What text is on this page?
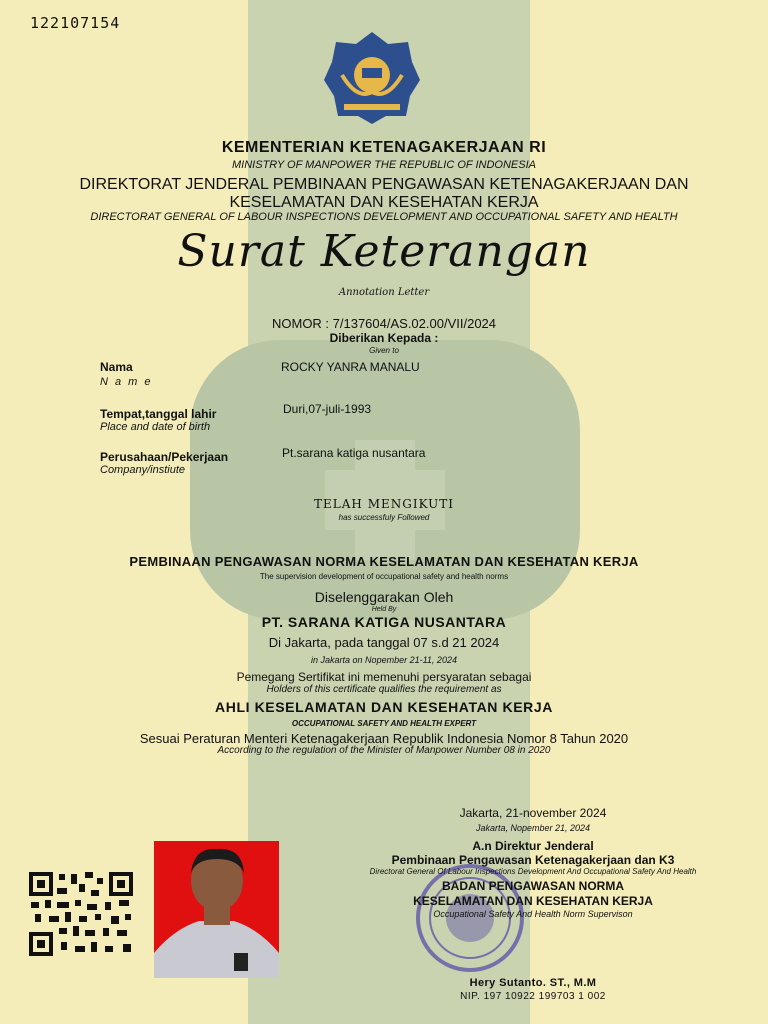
122107154
KEMENTERIAN KETENAGAKERJAAN RI
MINISTRY OF MANPOWER THE REPUBLIC OF INDONESIA
DIREKTORAT JENDERAL PEMBINAAN PENGAWASAN KETENAGAKERJAAN DAN
KESELAMATAN DAN KESEHATAN KERJA
DIRECTORAT GENERAL OF LABOUR INSPECTIONS DEVELOPMENT AND OCCUPATIONAL SAFETY AND HEALTH
Surat Keterangan
Annotation Letter
NOMOR : 7/137604/AS.02.00/VII/2024
Diberikan Kepada :
Given to
Nama
N a m e
ROCKY YANRA MANALU
Tempat,tanggal lahir
Place and date of birth
Duri,07-juli-1993
Perusahaan/Pekerjaan
Company/instiute
Pt.sarana katiga nusantara
TELAH MENGIKUTI
has successfuly Followed
PEMBINAAN PENGAWASAN NORMA KESELAMATAN DAN KESEHATAN KERJA
The supervision development of occupational safety and health norms
Diselenggarakan Oleh
Held By
PT. SARANA KATIGA NUSANTARA
Di Jakarta, pada tanggal 07 s.d 21 2024
in Jakarta on Nopember 21-11, 2024
Pemegang Sertifikat ini memenuhi persyaratan sebagai
Holders of this certificate qualifies the requirement as
AHLI KESELAMATAN DAN KESEHATAN KERJA
OCCUPATIONAL SAFETY AND HEALTH EXPERT
Sesuai Peraturan Menteri Ketenagakerjaan Republik Indonesia Nomor 8 Tahun 2020
According to the regulation of the Minister of Manpower Number 08 in 2020
Jakarta, 21-november 2024
Jakarta, Nopember 21, 2024
A.n Direktur Jenderal
Pembinaan Pengawasan Ketenagakerjaan dan K3
Directorat General Of Labour Inspections Development And Occupational Safety And Health
BADAN PENGAWASAN NORMA
KESELAMATAN DAN KESEHATAN KERJA
Occupational Safety And Health Norm Supervison
Hery Sutanto. ST., M.M
NIP. 197 10922 199703 1 002
